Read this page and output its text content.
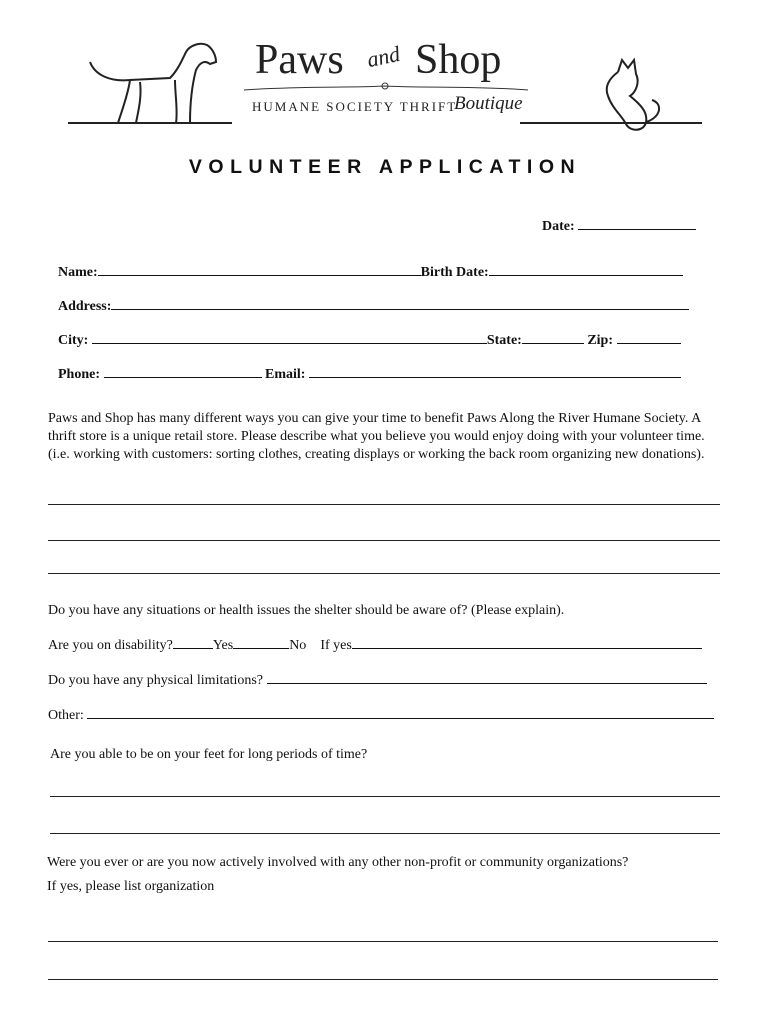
Paws and Shop
HUMANE SOCIETY THRIFT
Boutique
VOLUNTEER APPLICATION
Date:
Name:	Birth Date:
Address:
City:	State:	Zip:
Phone:	Email:
Paws and Shop has many different ways you can give your time to benefit Paws Along the River Humane Society. A thrift store is a unique retail store. Please describe what you believe you would enjoy doing with your volunteer time. (i.e. working with customers: sorting clothes, creating displays or working the back room organizing new donations).
Do you have any situations or health issues the shelter should be aware of? (Please explain).
Are you on disability?	Yes	No If yes
Do you have any physical limitations?
Other:
Are you able to be on your feet for long periods of time?
Were you ever or are you now actively involved with any other non-profit or community organizations?
If yes, please list organization
